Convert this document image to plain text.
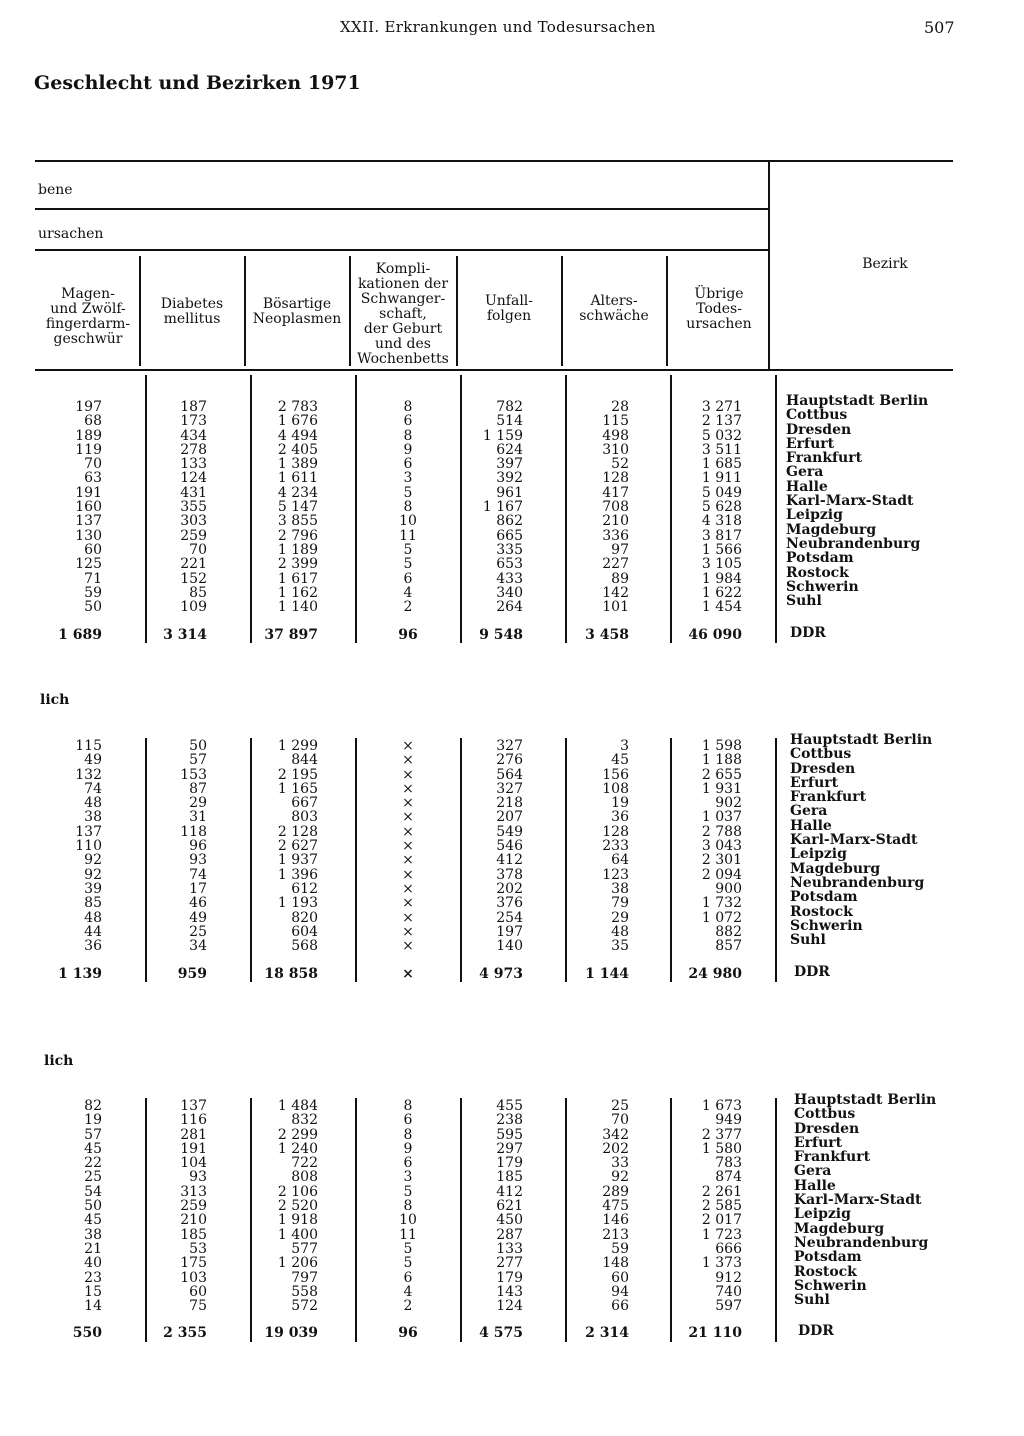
XXII. Erkrankungen und Todesursachen	507
Geschlecht und Bezirken 1971
bene
ursachen
Magen-
und Zwölf-
fingerdarm-
geschwür
Diabetes
mellitus
Bösartige
Neoplasmen
Kompli-
kationen der
Schwanger-
schaft,
der Geburt
und des
Wochenbetts
Unfall-
folgen
Alters-
schwäche
Übrige
Todes-
ursachen
Bezirk
lich
lich
197
68
189
119
70
63
191
160
137
130
60
125
71
59
50
1 689
187
173
434
278
133
124
431
355
303
259
70
221
152
85
109
3 314
2 783
1 676
4 494
2 405
1 389
1 611
4 234
5 147
3 855
2 796
1 189
2 399
1 617
1 162
1 140
37 897
8
6
8
9
6
3
5
8
10
11
5
5
6
4
2
96
782
514
1 159
624
397
392
961
1 167
862
665
335
653
433
340
264
9 548
28
115
498
310
52
128
417
708
210
336
97
227
89
142
101
3 458
3 271
2 137
5 032
3 511
1 685
1 911
5 049
5 628
4 318
3 817
1 566
3 105
1 984
1 622
1 454
46 090
Hauptstadt Berlin
Cottbus
Dresden
Erfurt
Frankfurt
Gera
Halle
Karl-Marx-Stadt
Leipzig
Magdeburg
Neubrandenburg
Potsdam
Rostock
Schwerin
Suhl
DDR
115
49
132
74
48
38
137
110
92
92
39
85
48
44
36
1 139
50
57
153
87
29
31
118
96
93
74
17
46
49
25
34
959
1 299
844
2 195
1 165
667
803
2 128
2 627
1 937
1 396
612
1 193
820
604
568
18 858
×
×
×
×
×
×
×
×
×
×
×
×
×
×
×
×
327
276
564
327
218
207
549
546
412
378
202
376
254
197
140
4 973
3
45
156
108
19
36
128
233
64
123
38
79
29
48
35
1 144
1 598
1 188
2 655
1 931
902
1 037
2 788
3 043
2 301
2 094
900
1 732
1 072
882
857
24 980
Hauptstadt Berlin
Cottbus
Dresden
Erfurt
Frankfurt
Gera
Halle
Karl-Marx-Stadt
Leipzig
Magdeburg
Neubrandenburg
Potsdam
Rostock
Schwerin
Suhl
DDR
82
19
57
45
22
25
54
50
45
38
21
40
23
15
14
550
137
116
281
191
104
93
313
259
210
185
53
175
103
60
75
2 355
1 484
832
2 299
1 240
722
808
2 106
2 520
1 918
1 400
577
1 206
797
558
572
19 039
8
6
8
9
6
3
5
8
10
11
5
5
6
4
2
96
455
238
595
297
179
185
412
621
450
287
133
277
179
143
124
4 575
25
70
342
202
33
92
289
475
146
213
59
148
60
94
66
2 314
1 673
949
2 377
1 580
783
874
2 261
2 585
2 017
1 723
666
1 373
912
740
597
21 110
Hauptstadt Berlin
Cottbus
Dresden
Erfurt
Frankfurt
Gera
Halle
Karl-Marx-Stadt
Leipzig
Magdeburg
Neubrandenburg
Potsdam
Rostock
Schwerin
Suhl
DDR
